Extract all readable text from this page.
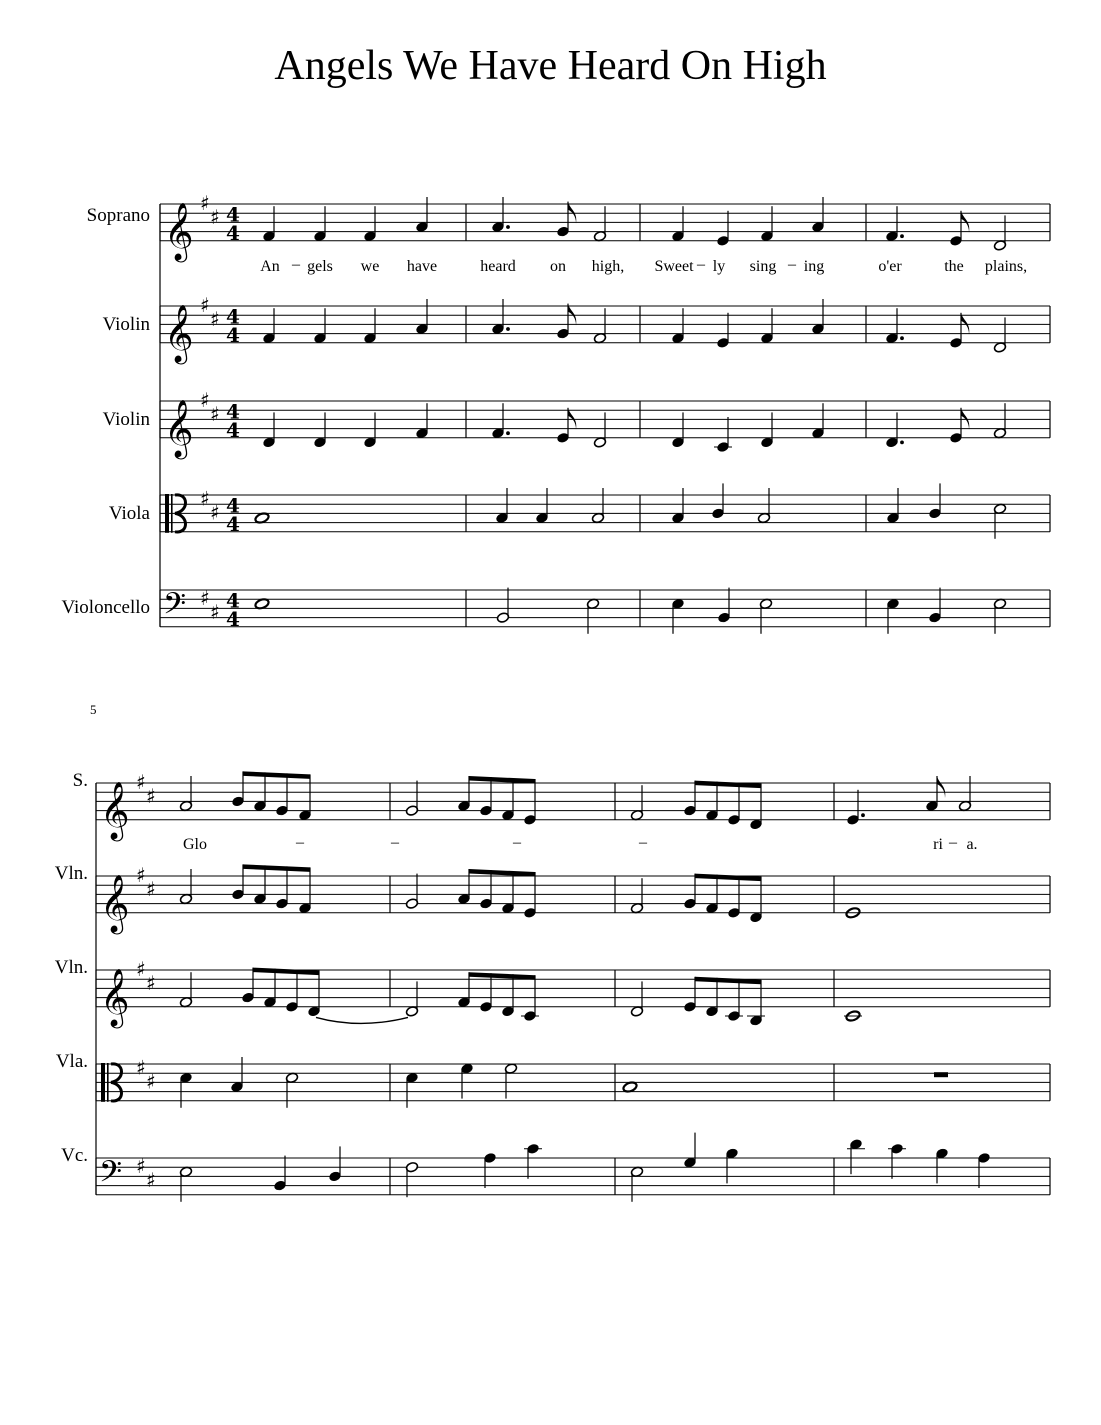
Angels We Have Heard On High
Soprano
Violin
Violin
Viola
Violoncello
S.
Vln.
Vln.
Vla.
Vc.
5
An – gels we have	heard on high, Sweet – ly sing – ing	o'er	the plains,
Glo	–	–	–	–	ri – a.
𝄞 ♯
♯ 4
4
𝄞 ♯
♯ 4
4
𝄞 ♯
♯ 4
4
♯
♯ 4
4
𝄢 ♯
♯ 4
4
𝄞 ♯
♯
𝄞 ♯
♯
𝄞 ♯
♯
♯
♯
𝄢 ♯
♯
